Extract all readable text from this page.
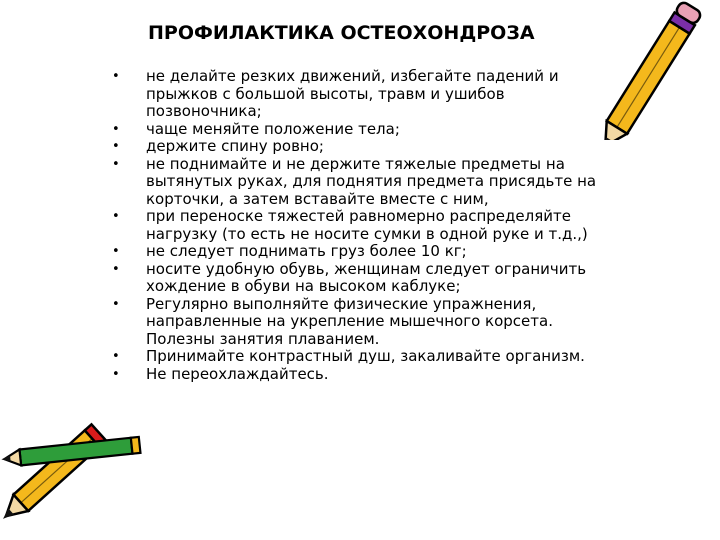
ПРОФИЛАКТИКА ОСТЕОХОНДРОЗА
•	не делайте резких движений, избегайте падений и прыжков с большой высоты, травм и ушибов позвоночника;
•	чаще меняйте положение тела;
•	держите спину ровно;
•	не поднимайте и не держите тяжелые предметы на вытянутых руках, для поднятия предмета присядьте на корточки, а затем вставайте вместе с ним,
•	при переноске тяжестей равномерно распределяйте нагрузку (то есть не носите сумки в одной руке и т.д.,)
•	не следует поднимать груз более 10 кг;
•	носите удобную обувь, женщинам следует ограничить хождение в обуви на высоком каблуке;
•	Регулярно выполняйте физические упражнения, направленные на укрепление мышечного корсета. Полезны занятия плаванием.
•	Принимайте контрастный душ, закаливайте организм.
•	Не переохлаждайтесь.
